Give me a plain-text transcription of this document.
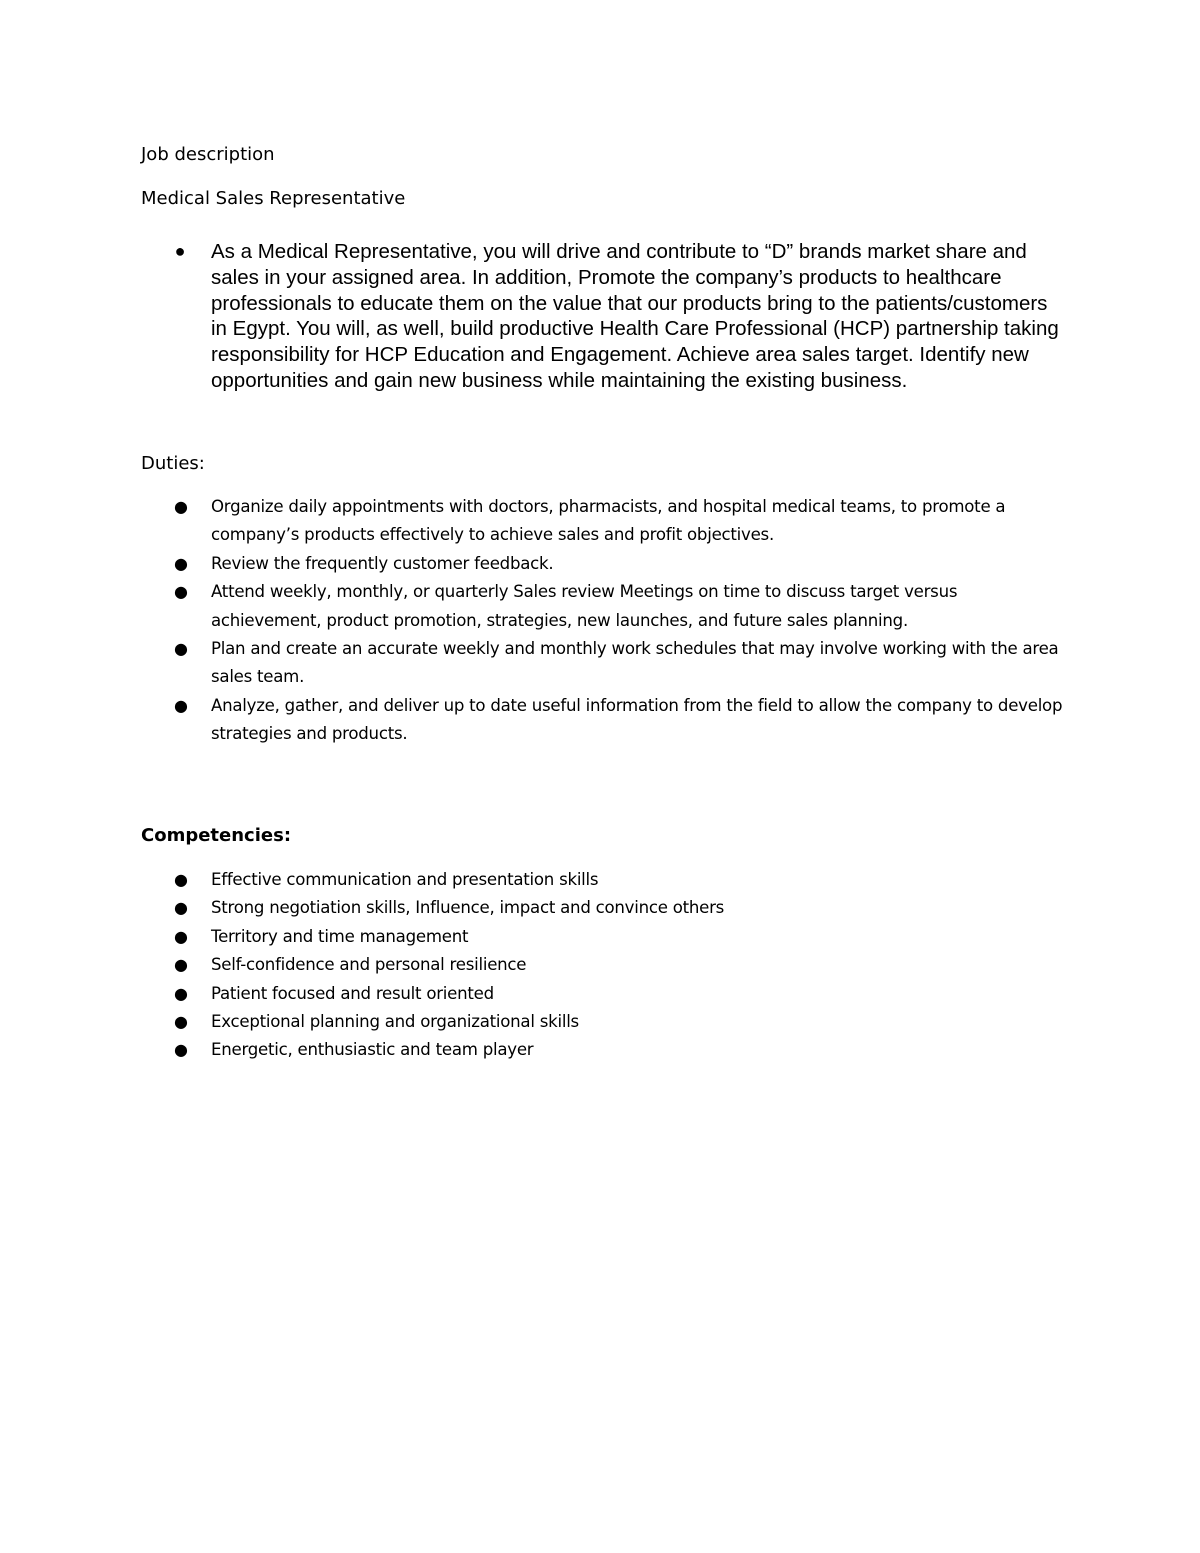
Job description

Medical Sales Representative

● As a Medical Representative, you will drive and contribute to “D” brands market share and sales in your assigned area. In addition, Promote the company’s products to healthcare professionals to educate them on the value that our products bring to the patients/customers in Egypt. You will, as well, build productive Health Care Professional (HCP) partnership taking responsibility for HCP Education and Engagement. Achieve area sales target. Identify new opportunities and gain new business while maintaining the existing business.

Duties:

● Organize daily appointments with doctors, pharmacists, and hospital medical teams, to promote a company’s products effectively to achieve sales and profit objectives.
● Review the frequently customer feedback.
● Attend weekly, monthly, or quarterly Sales review Meetings on time to discuss target versus achievement, product promotion, strategies, new launches, and future sales planning.
● Plan and create an accurate weekly and monthly work schedules that may involve working with the area sales team.
● Analyze, gather, and deliver up to date useful information from the field to allow the company to develop strategies and products.

Competencies:

● Effective communication and presentation skills
● Strong negotiation skills, Influence, impact and convince others
● Territory and time management
● Self-confidence and personal resilience
● Patient focused and result oriented
● Exceptional planning and organizational skills
● Energetic, enthusiastic and team player
